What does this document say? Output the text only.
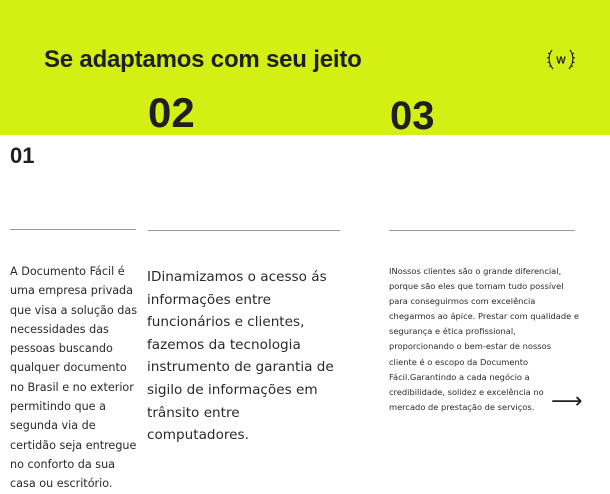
Se adaptamos com seu jeito	W
02	03
01

A Documento Fácil é uma empresa privada que visa a solução das necessidades das pessoas buscando qualquer documento no Brasil e no exterior permitindo que a segunda via de certidão seja entregue no conforto da sua casa ou escritório.

IDinamizamos o acesso ás informações entre funcionários e clientes, fazemos da tecnologia instrumento de garantia de sigilo de informações em trânsito entre computadores.

INossos clientes são o grande diferencial, porque são eles que tornam tudo possível para conseguirmos com excelência chegarmos ao ápice. Prestar com qualidade e segurança e ética profissional, proporcionando o bem-estar de nossos cliente é o escopo da Documento Fácil.Garantindo a cada negócio a credibilidade, solidez e excelência no mercado de prestação de serviços. ⟶
